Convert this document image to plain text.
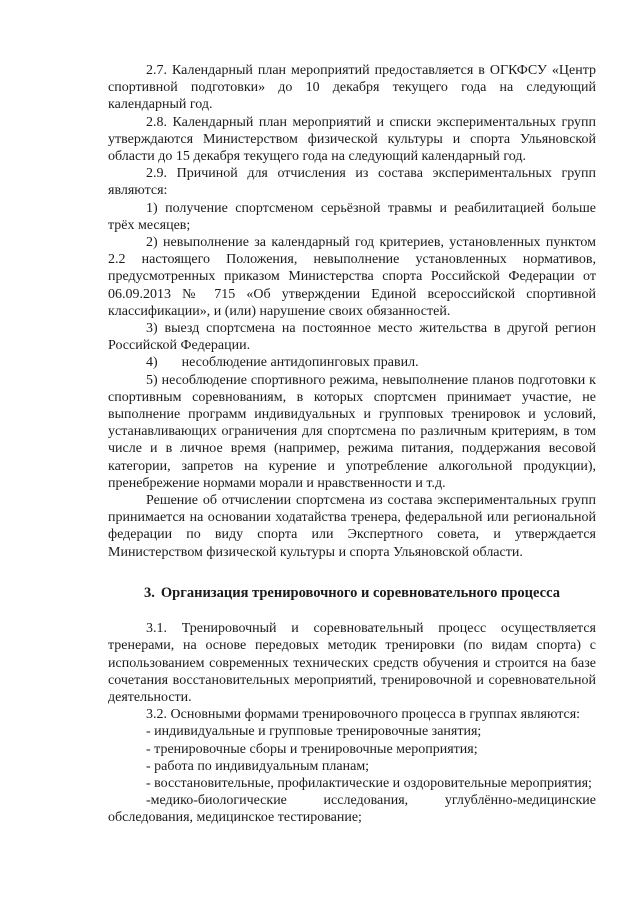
2.7. Календарный план мероприятий предоставляется в ОГКФСУ «Центр спортивной подготовки» до 10 декабря текущего года на следующий календарный год.

2.8. Календарный план мероприятий и списки экспериментальных групп утверждаются Министерством физической культуры и спорта Ульяновской области до 15 декабря текущего года на следующий календарный год.

2.9. Причиной для отчисления из состава экспериментальных групп являются:

1) получение спортсменом серьёзной травмы и реабилитацией больше трёх месяцев;

2) невыполнение за календарный год критериев, установленных пунктом 2.2 настоящего Положения, невыполнение установленных нормативов, предусмотренных приказом Министерства спорта Российской Федерации от 06.09.2013 № 715 «Об утверждении Единой всероссийской спортивной классификации», и (или) нарушение своих обязанностей.

3) выезд спортсмена на постоянное место жительства в другой регион Российской Федерации.

4) несоблюдение антидопинговых правил.

5) несоблюдение спортивного режима, невыполнение планов подготовки к спортивным соревнованиям, в которых спортсмен принимает участие, не выполнение программ индивидуальных и групповых тренировок и условий, устанавливающих ограничения для спортсмена по различным критериям, в том числе и в личное время (например, режима питания, поддержания весовой категории, запретов на курение и употребление алкогольной продукции), пренебрежение нормами морали и нравственности и т.д.

Решение об отчислении спортсмена из состава экспериментальных групп принимается на основании ходатайства тренера, федеральной или региональной федерации по виду спорта или Экспертного совета, и утверждается Министерством физической культуры и спорта Ульяновской области.

3. Организация тренировочного и соревновательного процесса

3.1. Тренировочный и соревновательный процесс осуществляется тренерами, на основе передовых методик тренировки (по видам спорта) с использованием современных технических средств обучения и строится на базе сочетания восстановительных мероприятий, тренировочной и соревновательной деятельности.

3.2. Основными формами тренировочного процесса в группах являются:

- индивидуальные и групповые тренировочные занятия;

- тренировочные сборы и тренировочные мероприятия;

- работа по индивидуальным планам;

- восстановительные, профилактические и оздоровительные мероприятия;

-медико-биологические исследования, углублённо-медицинские обследования, медицинское тестирование;
